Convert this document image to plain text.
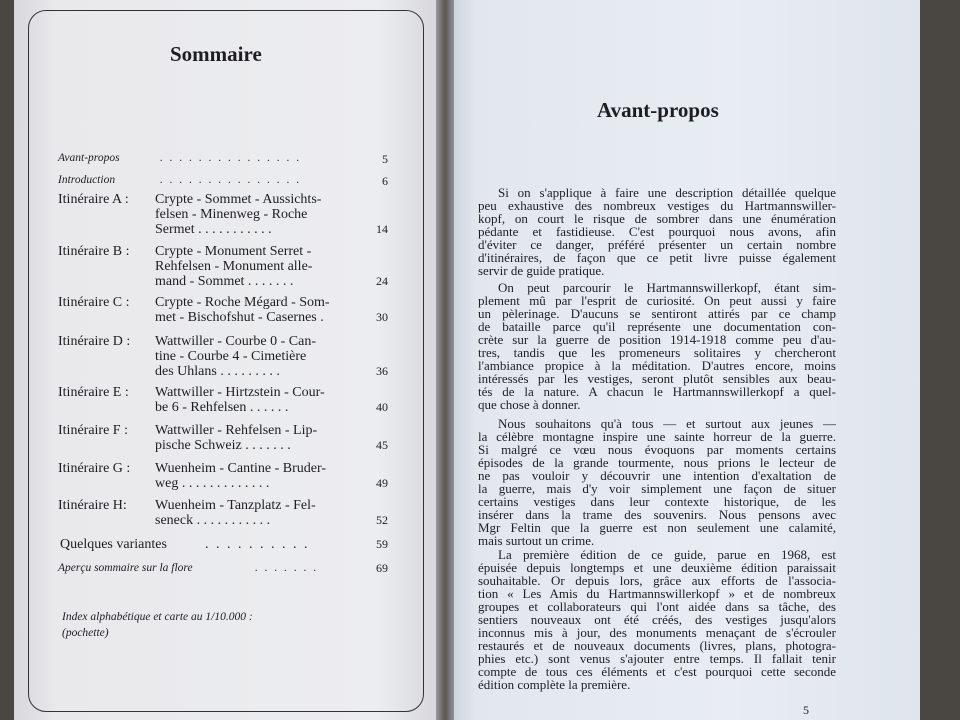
Sommaire
Avant-propos	. . . . . . . . . . . . . . .	5
Introduction	. . . . . . . . . . . . . . .	6
Itinéraire A : Crypte - Sommet - Aussichts-
felsen - Minenweg - Roche
Sermet . . . . . . . . . . .	14
Itinéraire B : Crypte - Monument Serret -
Rehfelsen - Monument alle-
mand - Sommet . . . . . . .	24
Itinéraire C : Crypte - Roche Mégard - Som-
met - Bischofshut - Casernes .	30
Itinéraire D : Wattwiller - Courbe 0 - Can-
tine - Courbe 4 - Cimetière
des Uhlans . . . . . . . . .	36
Itinéraire E : Wattwiller - Hirtzstein - Cour-
be 6 - Rehfelsen . . . . . .	40
Itinéraire F : Wattwiller - Rehfelsen - Lip-
pische Schweiz . . . . . . .	45
Itinéraire G : Wuenheim - Cantine - Bruder-
weg . . . . . . . . . . . . .	49
Itinéraire H: Wuenheim - Tanzplatz - Fel-
seneck . . . . . . . . . . .	52
Quelques variantes	. . . . . . . . . .	59
Aperçu sommaire sur la flore	. . . . . . .	69
Index alphabétique et carte au 1/10.000 :
(pochette)
Avant-propos
Si on s'applique à faire une description détaillée quelque
peu exhaustive des nombreux vestiges du Hartmannswiller-
kopf, on court le risque de sombrer dans une énumération
pédante et fastidieuse. C'est pourquoi nous avons, afin
d'éviter ce danger, préféré présenter un certain nombre
d'itinéraires, de façon que ce petit livre puisse également
servir de guide pratique.
On peut parcourir le Hartmannswillerkopf, étant sim-
plement mû par l'esprit de curiosité. On peut aussi y faire
un pèlerinage. D'aucuns se sentiront attirés par ce champ
de bataille parce qu'il représente une documentation con-
crète sur la guerre de position 1914-1918 comme peu d'au-
tres, tandis que les promeneurs solitaires y chercheront
l'ambiance propice à la méditation. D'autres encore, moins
intéressés par les vestiges, seront plutôt sensibles aux beau-
tés de la nature. A chacun le Hartmannswillerkopf a quel-
que chose à donner.
Nous souhaitons qu'à tous — et surtout aux jeunes —
la célèbre montagne inspire une sainte horreur de la guerre.
Si malgré ce vœu nous évoquons par moments certains
épisodes de la grande tourmente, nous prions le lecteur de
ne pas vouloir y découvrir une intention d'exaltation de
la guerre, mais d'y voir simplement une façon de situer
certains vestiges dans leur contexte historique, de les
insérer dans la trame des souvenirs. Nous pensons avec
Mgr Feltin que la guerre est non seulement une calamité,
mais surtout un crime.
La première édition de ce guide, parue en 1968, est
épuisée depuis longtemps et une deuxième édition paraissait
souhaitable. Or depuis lors, grâce aux efforts de l'associa-
tion « Les Amis du Hartmannswillerkopf » et de nombreux
groupes et collaborateurs qui l'ont aidée dans sa tâche, des
sentiers nouveaux ont été créés, des vestiges jusqu'alors
inconnus mis à jour, des monuments menaçant de s'écrouler
restaurés et de nouveaux documents (livres, plans, photogra-
phies etc.) sont venus s'ajouter entre temps. Il fallait tenir
compte de tous ces éléments et c'est pourquoi cette seconde
édition complète la première.
5
